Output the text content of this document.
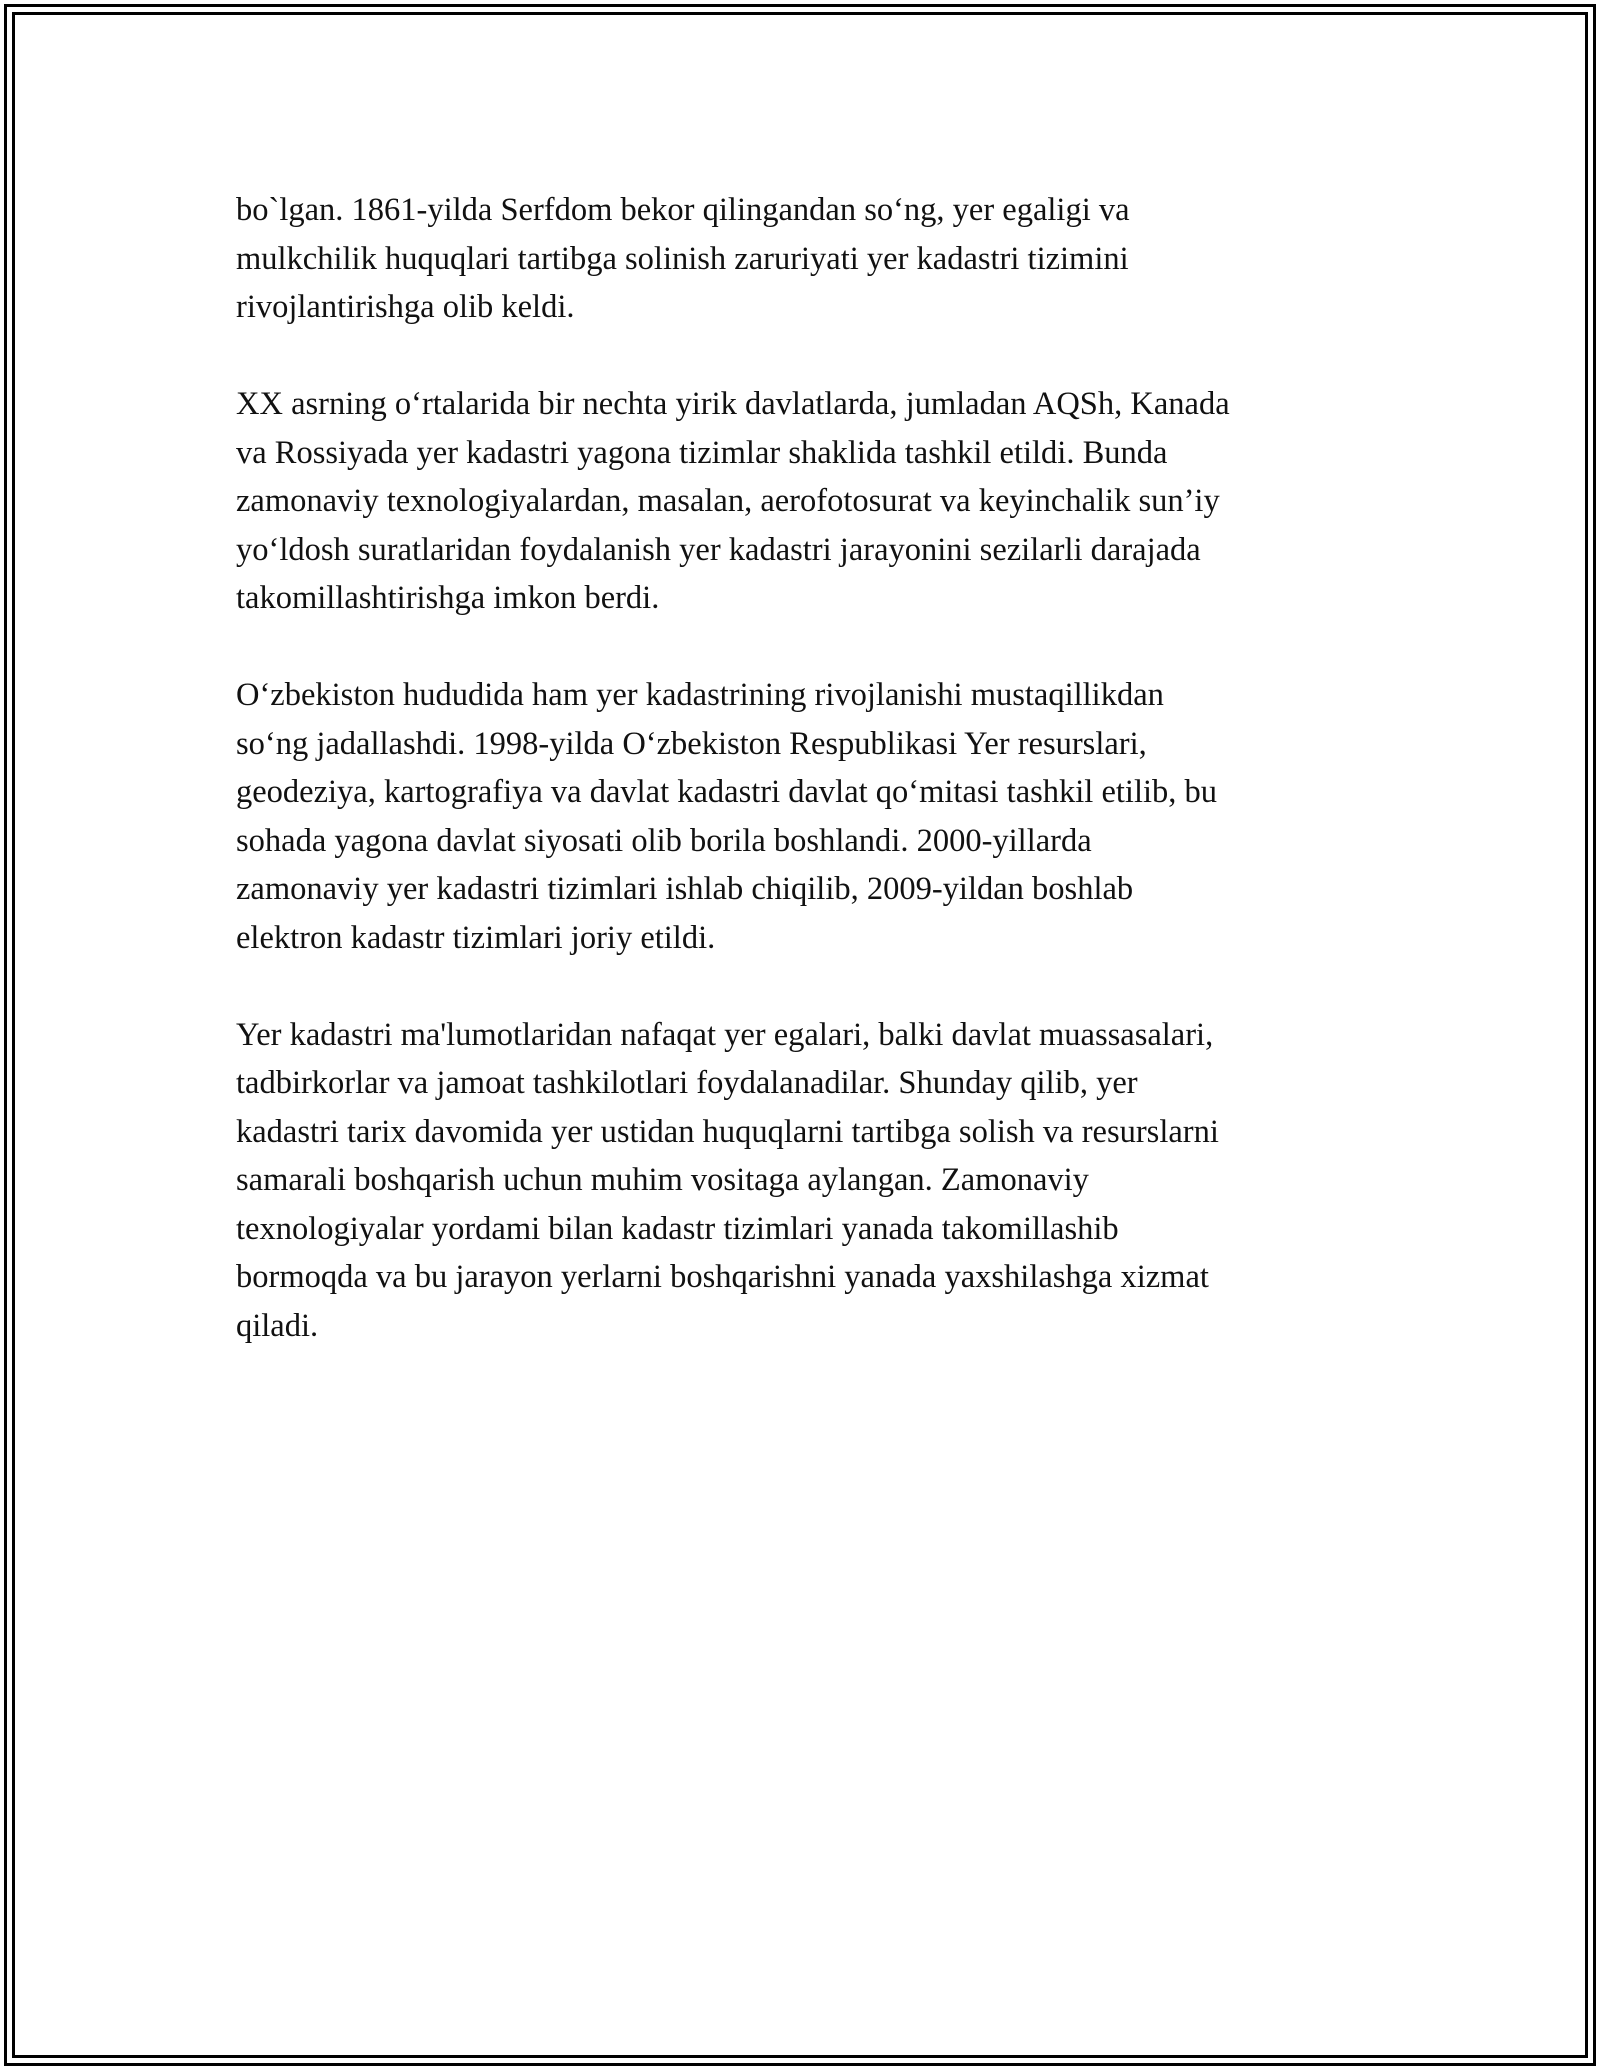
bo`lgan. 1861-yilda Serfdom bekor qilingandan so‘ng, yer egaligi va
mulkchilik huquqlari tartibga solinish zaruriyati yer kadastri tizimini
rivojlantirishga olib keldi.

XX asrning o‘rtalarida bir nechta yirik davlatlarda, jumladan AQSh, Kanada
va Rossiyada yer kadastri yagona tizimlar shaklida tashkil etildi. Bunda
zamonaviy texnologiyalardan, masalan, aerofotosurat va keyinchalik sun’iy
yo‘ldosh suratlaridan foydalanish yer kadastri jarayonini sezilarli darajada
takomillashtirishga imkon berdi.

O‘zbekiston hududida ham yer kadastrining rivojlanishi mustaqillikdan
so‘ng jadallashdi. 1998-yilda O‘zbekiston Respublikasi Yer resurslari,
geodeziya, kartografiya va davlat kadastri davlat qo‘mitasi tashkil etilib, bu
sohada yagona davlat siyosati olib borila boshlandi. 2000-yillarda
zamonaviy yer kadastri tizimlari ishlab chiqilib, 2009-yildan boshlab
elektron kadastr tizimlari joriy etildi.

Yer kadastri ma'lumotlaridan nafaqat yer egalari, balki davlat muassasalari,
tadbirkorlar va jamoat tashkilotlari foydalanadilar. Shunday qilib, yer
kadastri tarix davomida yer ustidan huquqlarni tartibga solish va resurslarni
samarali boshqarish uchun muhim vositaga aylangan. Zamonaviy
texnologiyalar yordami bilan kadastr tizimlari yanada takomillashib
bormoqda va bu jarayon yerlarni boshqarishni yanada yaxshilashga xizmat
qiladi.
